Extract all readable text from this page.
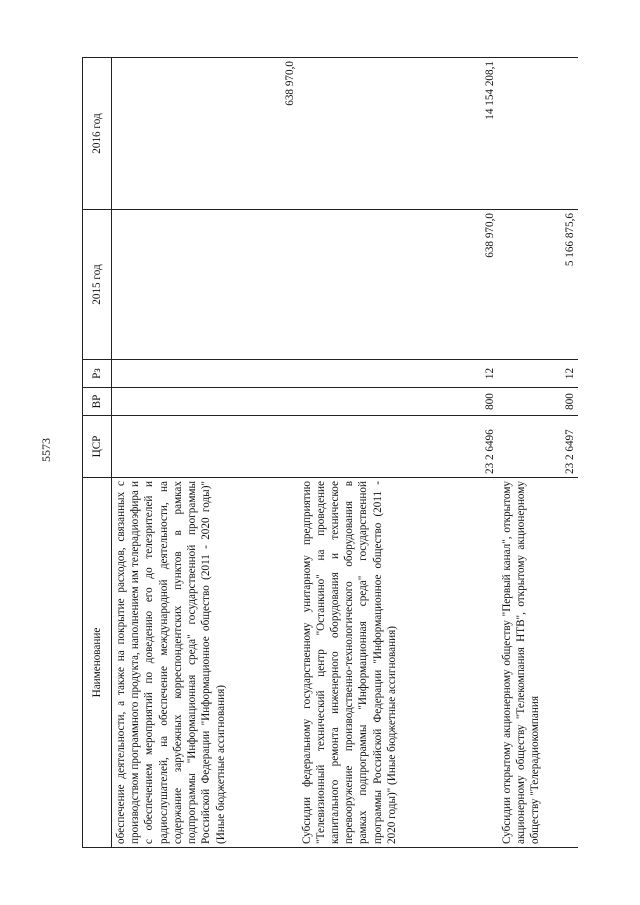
5573
Наименование	ЦСР	ВР	Рз	2015 год	2016 год
обеспечение деятельности, а также на покрытие расходов, связанных с производством программного продукта, наполнением им телерадиоэфира и с обеспечением мероприятий по доведению его до телезрителей и радиослушателей, на обеспечение международной деятельности, на содержание зарубежных корреспондентских пунктов в рамках подпрограммы "Информационная среда" государственной программы Российской Федерации "Информационное общество (2011 - 2020 годы)" (Иные бюджетные ассигнования)					638 970,0
Субсидии федеральному государственному унитарному предприятию "Телевизионный технический центр "Останкино" на проведение капитального ремонта инженерного оборудования и техническое перевооружение производственно-технологического оборудования в рамках подпрограммы "Информационная среда" государственной программы Российской Федерации "Информационное общество (2011 - 2020 годы)" (Иные бюджетные ассигнования)	23 2 6496	800	12	638 970,0	14 154 208,1
Субсидии открытому акционерному обществу "Первый канал", открытому акционерному обществу "Телекомпания НТВ", открытому акционерному обществу "Телерадиокомпания	23 2 6497	800	12	5 166 875,6	
